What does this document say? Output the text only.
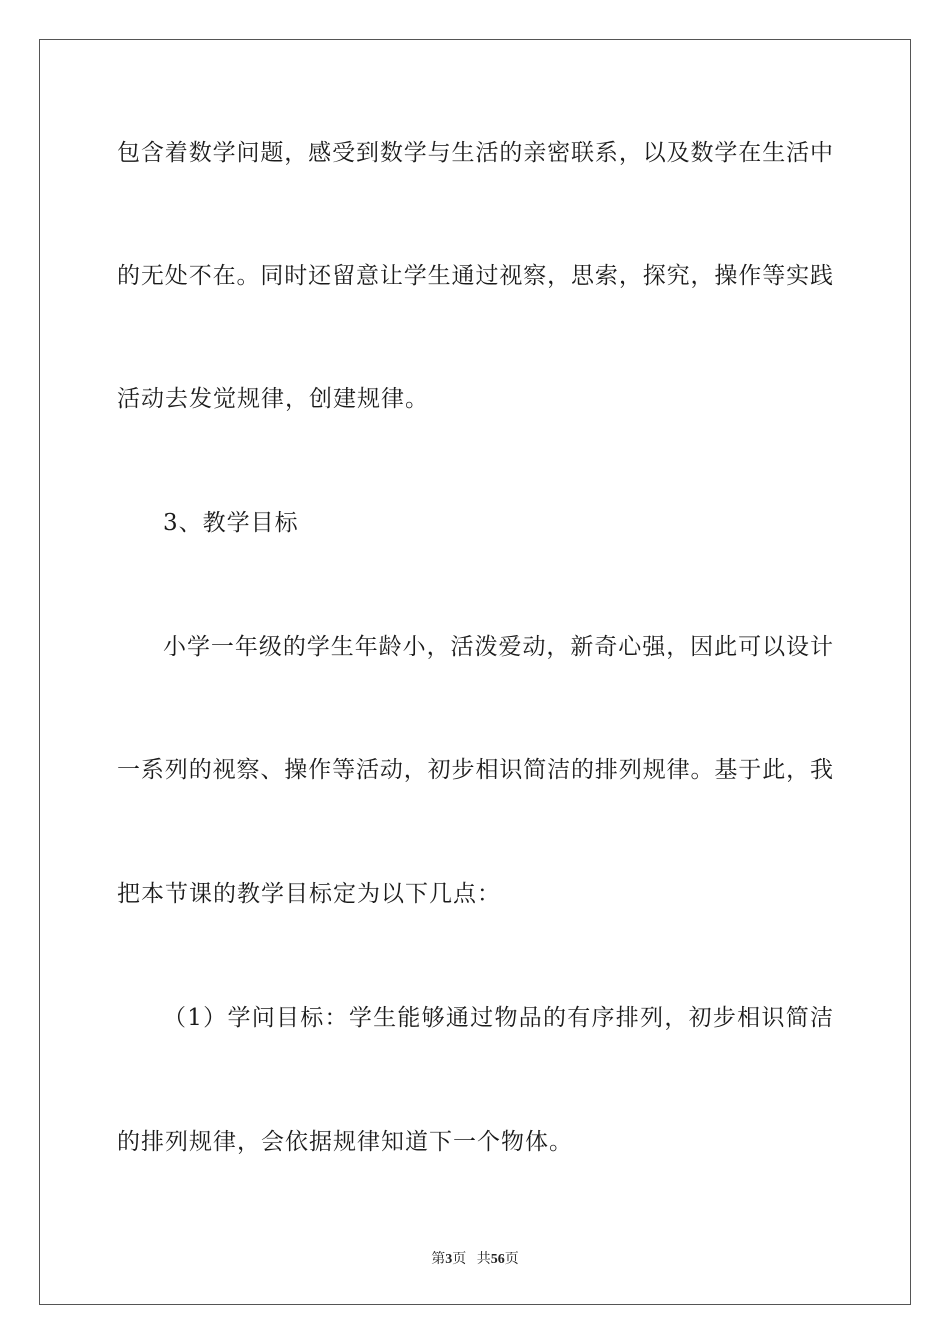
包含着数学问题，感受到数学与生活的亲密联系，以及数学在生活中
的无处不在。同时还留意让学生通过视察，思索，探究，操作等实践
活动去发觉规律，创建规律。
3、教学目标
小学一年级的学生年龄小，活泼爱动，新奇心强，因此可以设计
一系列的视察、操作等活动，初步相识简洁的排列规律。基于此，我
把本节课的教学目标定为以下几点：
（1）学问目标：学生能够通过物品的有序排列，初步相识简洁
的排列规律，会依据规律知道下一个物体。
第3页 共56页
